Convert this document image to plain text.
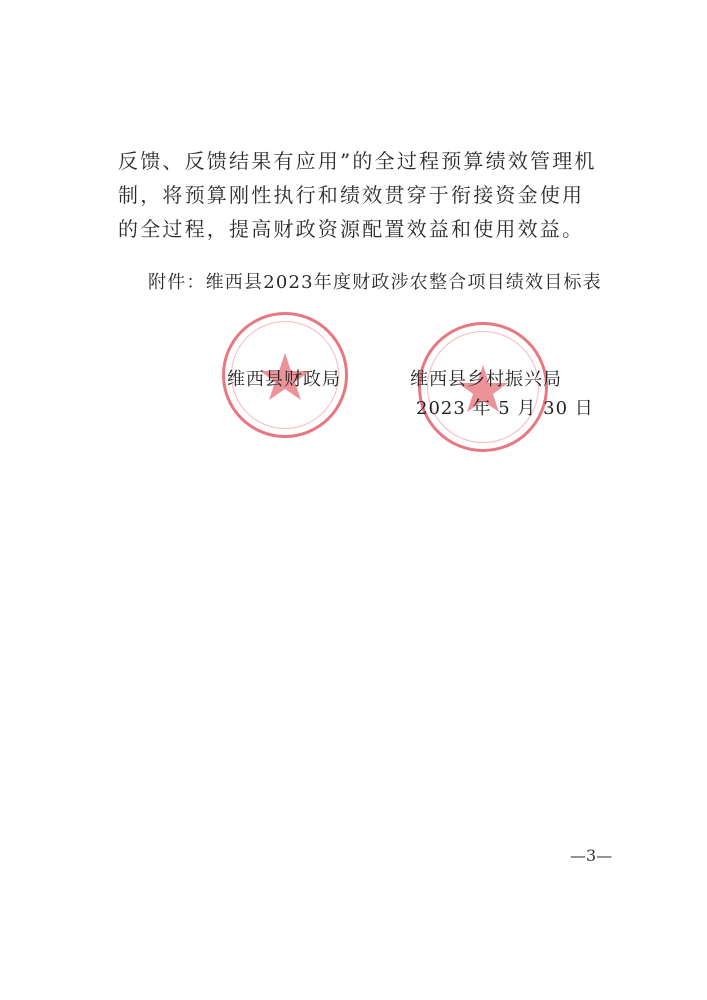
反馈、反馈结果有应用”的全过程预算绩效管理机制，将预算刚性执行和绩效贯穿于衔接资金使用的全过程，提高财政资源配置效益和使用效益。
附件：维西县2023年度财政涉农整合项目绩效目标表
维西县财政局	维西县乡村振兴局
2023 年 5 月 30 日
—3—
